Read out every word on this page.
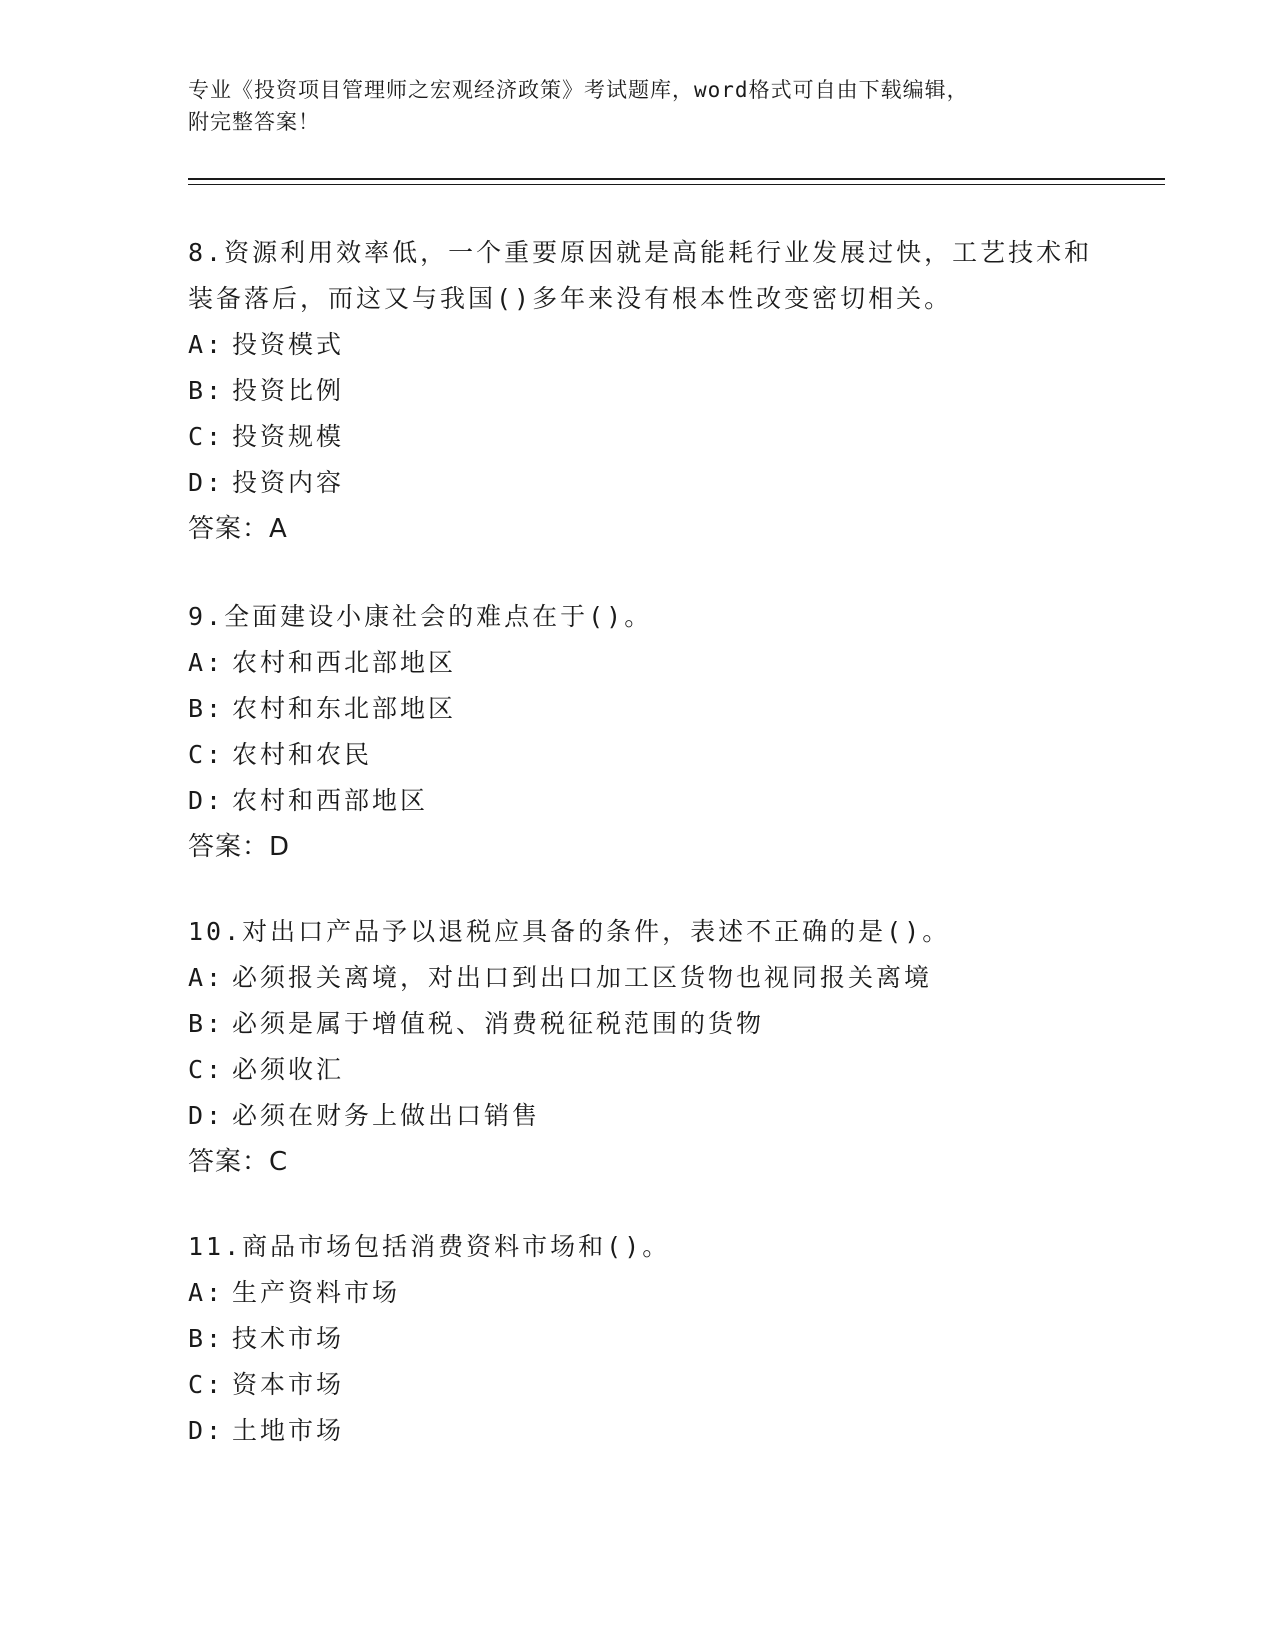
专业《投资项目管理师之宏观经济政策》考试题库，word格式可自由下载编辑，
附完整答案！

8.资源利用效率低，一个重要原因就是高能耗行业发展过快，工艺技术和装备落后，而这又与我国()多年来没有根本性改变密切相关。

A: 投资模式

B: 投资比例

C: 投资规模

D: 投资内容

答案：A

9.全面建设小康社会的难点在于()。

A: 农村和西北部地区

B: 农村和东北部地区

C: 农村和农民

D: 农村和西部地区

答案：D

10.对出口产品予以退税应具备的条件，表述不正确的是()。

A: 必须报关离境，对出口到出口加工区货物也视同报关离境

B: 必须是属于增值税、消费税征税范围的货物

C: 必须收汇

D: 必须在财务上做出口销售

答案：C

11.商品市场包括消费资料市场和()。

A: 生产资料市场

B: 技术市场

C: 资本市场

D: 土地市场
